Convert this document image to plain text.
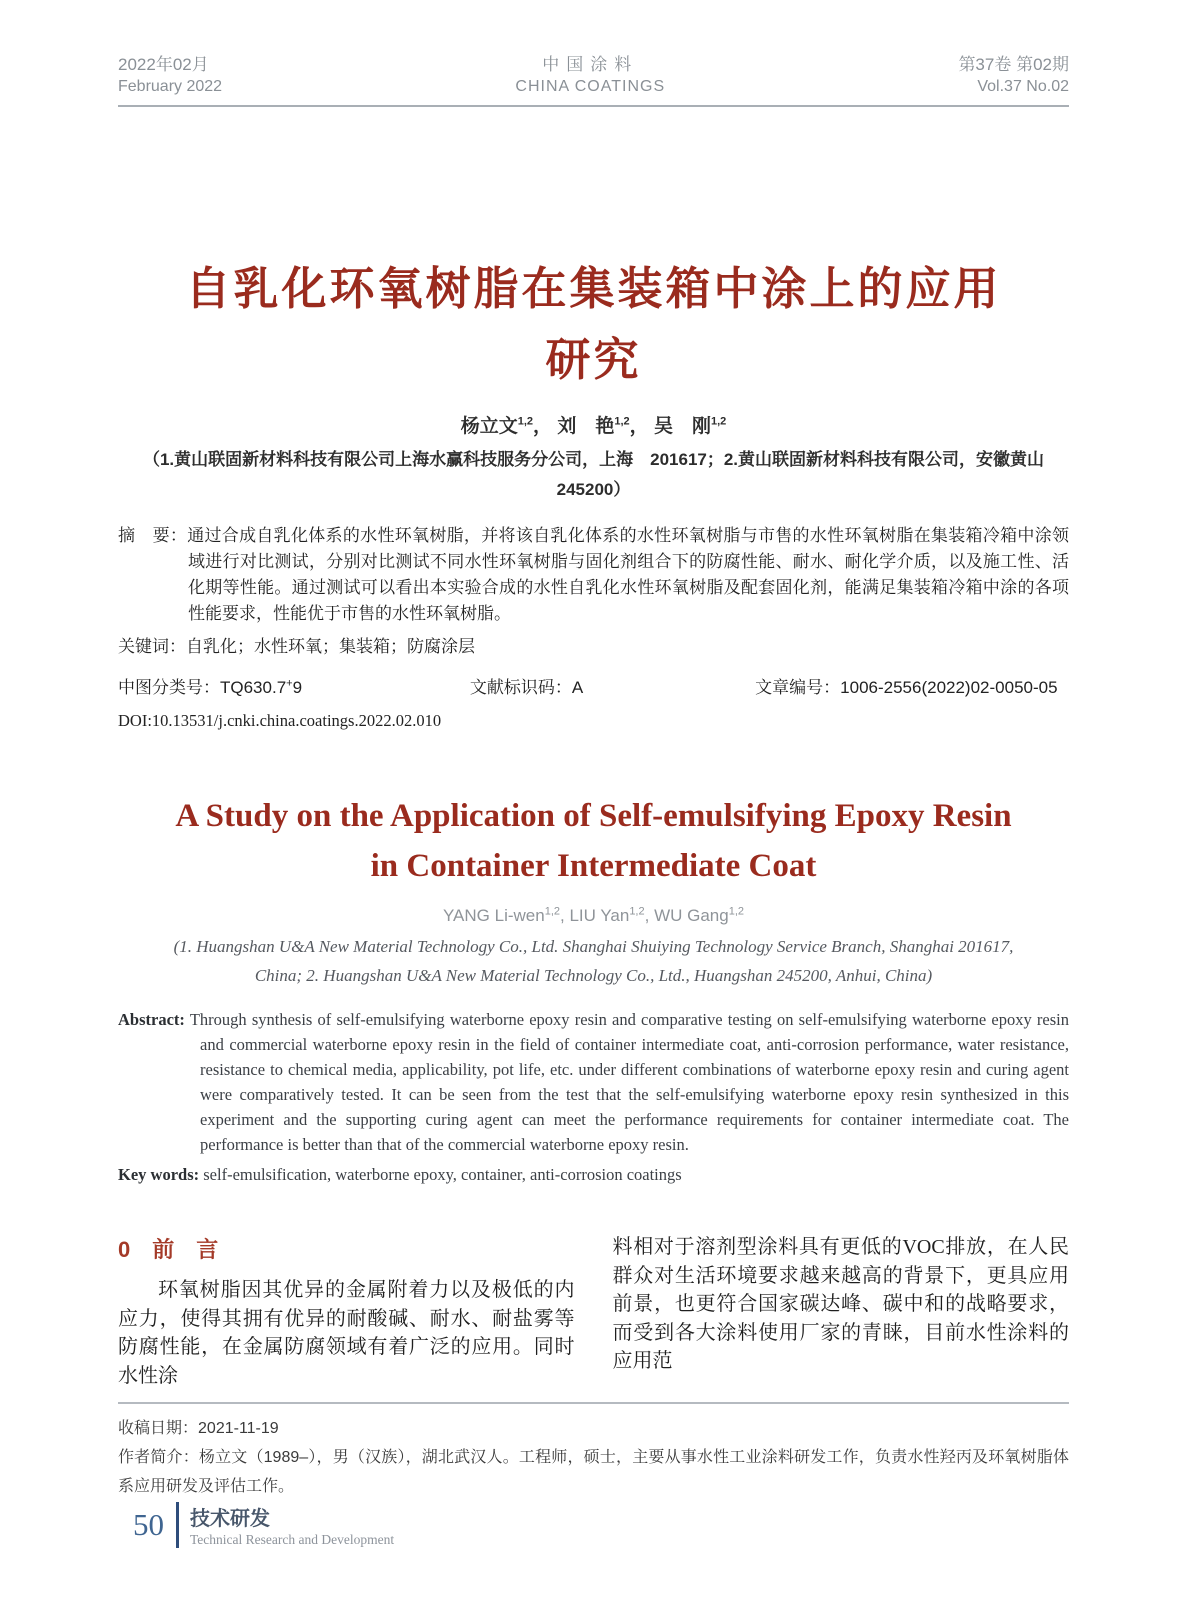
2022年02月
February 2022
中国涂料
CHINA COATINGS
第37卷 第02期
Vol.37 No.02
自乳化环氧树脂在集装箱中涂上的应用
研究
杨立文$^{1,2}$， 刘　艳$^{1,2}$， 吴　刚$^{1,2}$
（1.黄山联固新材料科技有限公司上海水赢科技服务分公司，上海　201617；2.黄山联固新材料科技有限公司，安徽黄山
245200）

摘　要：通过合成自乳化体系的水性环氧树脂，并将该自乳化体系的水性环氧树脂与市售的水性环氧树脂在集装箱冷箱中涂领域进行对比测试，分别对比测试不同水性环氧树脂与固化剂组合下的防腐性能、耐水、耐化学介质，以及施工性、活化期等性能。通过测试可以看出本实验合成的水性自乳化水性环氧树脂及配套固化剂，能满足集装箱冷箱中涂的各项性能要求，性能优于市售的水性环氧树脂。

关键词：自乳化；水性环氧；集装箱；防腐涂层

中图分类号：TQ630.7+9	文献标识码：A	文章编号：1006-2556(2022)02-0050-05
DOI:10.13531/j.cnki.china.coatings.2022.02.010
A Study on the Application of Self-emulsifying Epoxy Resin
in Container Intermediate Coat
YANG Li-wen$^{1,2}$, LIU Yan$^{1,2}$, WU Gang$^{1,2}$
(1. Huangshan U&A New Material Technology Co., Ltd. Shanghai Shuiying Technology Service Branch, Shanghai 201617,
China; 2. Huangshan U&A New Material Technology Co., Ltd., Huangshan 245200, Anhui, China)

Abstract: Through synthesis of self-emulsifying waterborne epoxy resin and comparative testing on self-emulsifying waterborne epoxy resin and commercial waterborne epoxy resin in the field of container intermediate coat, anti-corrosion performance, water resistance, resistance to chemical media, applicability, pot life, etc. under different combinations of waterborne epoxy resin and curing agent were comparatively tested. It can be seen from the test that the self-emulsifying waterborne epoxy resin synthesized in this experiment and the supporting curing agent can meet the performance requirements for container intermediate coat. The performance is better than that of the commercial waterborne epoxy resin.

Key words: self-emulsification, waterborne epoxy, container, anti-corrosion coatings

0　前　言

环氧树脂因其优异的金属附着力以及极低的内应力，使得其拥有优异的耐酸碱、耐水、耐盐雾等防腐性能，在金属防腐领域有着广泛的应用。同时水性涂

料相对于溶剂型涂料具有更低的VOC排放，在人民群众对生活环境要求越来越高的背景下，更具应用前景，也更符合国家碳达峰、碳中和的战略要求，而受到各大涂料使用厂家的青睐，目前水性涂料的应用范

收稿日期：2021-11-19

作者简介：杨立文（1989–），男（汉族），湖北武汉人。工程师，硕士，主要从事水性工业涂料研发工作，负责水性羟丙及环氧树脂体系应用研发及评估工作。

50 技术研发
Technical Research and Development
